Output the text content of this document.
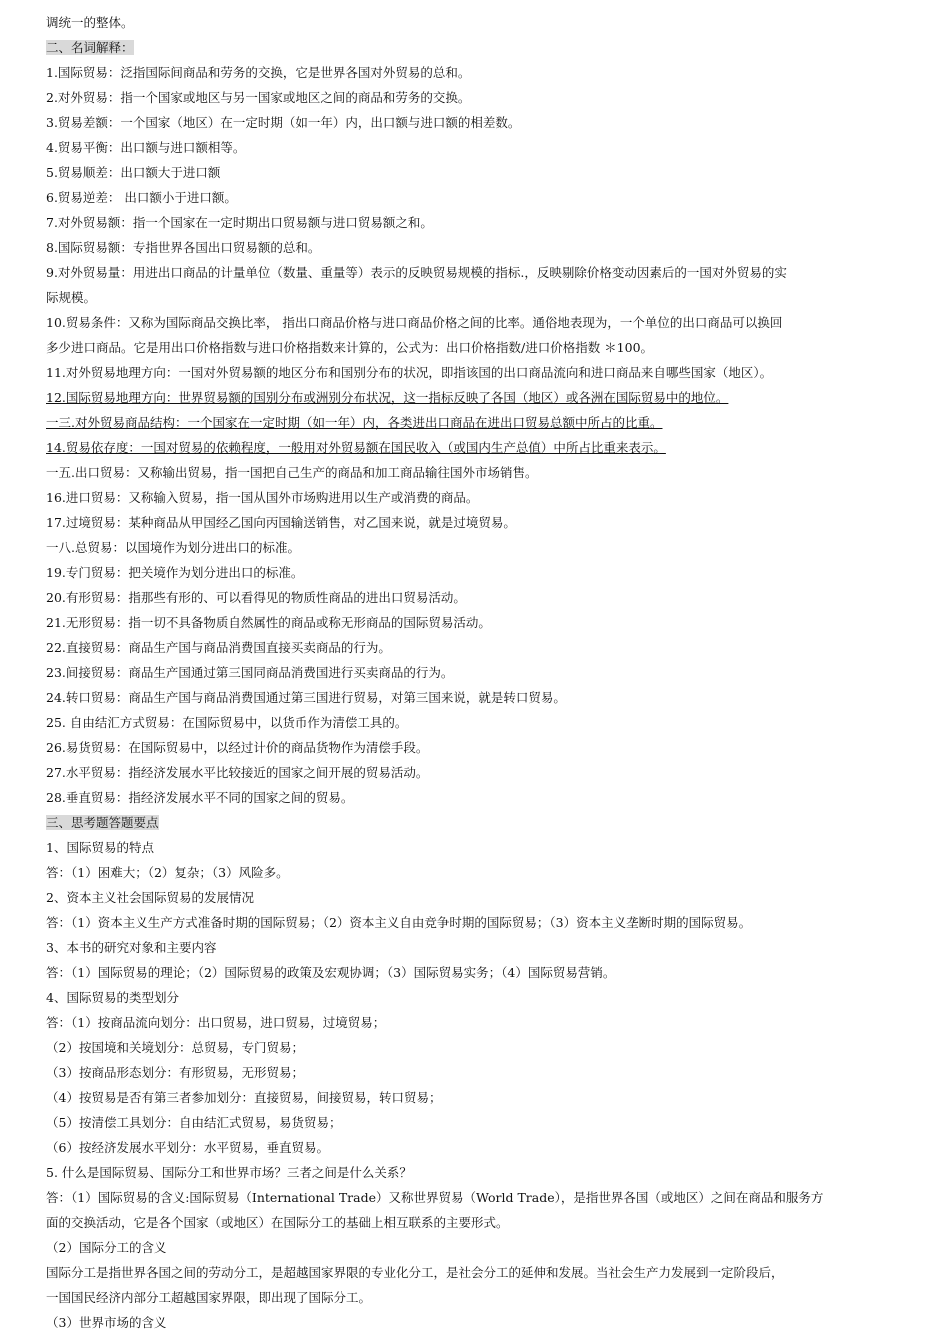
调统一的整体。

二、名词解释：

1.国际贸易：泛指国际间商品和劳务的交换，它是世界各国对外贸易的总和。

2.对外贸易：指一个国家或地区与另一国家或地区之间的商品和劳务的交换。

3.贸易差额：一个国家（地区）在一定时期（如一年）内，出口额与进口额的相差数。

4.贸易平衡：出口额与进口额相等。

5.贸易顺差：出口额大于进口额

6.贸易逆差： 出口额小于进口额。

7.对外贸易额：指一个国家在一定时期出口贸易额与进口贸易额之和。

8.国际贸易额：专指世界各国出口贸易额的总和。

9.对外贸易量：用进出口商品的计量单位（数量、重量等）表示的反映贸易规模的指标.，反映剔除价格变动因素后的一国对外贸易的实

际规模。

10.贸易条件：又称为国际商品交换比率， 指出口商品价格与进口商品价格之间的比率。通俗地表现为，一个单位的出口商品可以换回

多少进口商品。它是用出口价格指数与进口价格指数来计算的，公式为：出口价格指数/进口价格指数 ＊100。

11.对外贸易地理方向：一国对外贸易额的地区分布和国别分布的状况，即指该国的出口商品流向和进口商品来自哪些国家（地区）。

12.国际贸易地理方向：世界贸易额的国别分布或洲别分布状况，这一指标反映了各国（地区）或各洲在国际贸易中的地位。

一三.对外贸易商品结构：一个国家在一定时期（如一年）内，各类进出口商品在进出口贸易总额中所占的比重。

14.贸易依存度：一国对贸易的依赖程度，一般用对外贸易额在国民收入（或国内生产总值）中所占比重来表示。

一五.出口贸易：又称输出贸易，指一国把自己生产的商品和加工商品输往国外市场销售。

16.进口贸易：又称输入贸易，指一国从国外市场购进用以生产或消费的商品。

17.过境贸易：某种商品从甲国经乙国向丙国输送销售，对乙国来说，就是过境贸易。

一八.总贸易：以国境作为划分进出口的标准。

19.专门贸易：把关境作为划分进出口的标准。

20.有形贸易：指那些有形的、可以看得见的物质性商品的进出口贸易活动。

21.无形贸易：指一切不具备物质自然属性的商品或称无形商品的国际贸易活动。

22.直接贸易：商品生产国与商品消费国直接买卖商品的行为。

23.间接贸易：商品生产国通过第三国同商品消费国进行买卖商品的行为。

24.转口贸易：商品生产国与商品消费国通过第三国进行贸易，对第三国来说，就是转口贸易。

25. 自由结汇方式贸易：在国际贸易中，以货币作为清偿工具的。

26.易货贸易：在国际贸易中，以经过计价的商品货物作为清偿手段。

27.水平贸易：指经济发展水平比较接近的国家之间开展的贸易活动。

28.垂直贸易：指经济发展水平不同的国家之间的贸易。

三、思考题答题要点

1、国际贸易的特点

答：（1）困难大；（2）复杂；（3）风险多。

2、资本主义社会国际贸易的发展情况

答：（1）资本主义生产方式准备时期的国际贸易；（2）资本主义自由竞争时期的国际贸易；（3）资本主义垄断时期的国际贸易。

3、本书的研究对象和主要内容

答：（1）国际贸易的理论；（2）国际贸易的政策及宏观协调；（3）国际贸易实务；（4）国际贸易营销。

4、国际贸易的类型划分

答：（1）按商品流向划分：出口贸易，进口贸易，过境贸易；

（2）按国境和关境划分：总贸易，专门贸易；

（3）按商品形态划分：有形贸易，无形贸易；

（4）按贸易是否有第三者参加划分：直接贸易，间接贸易，转口贸易；

（5）按清偿工具划分：自由结汇式贸易，易货贸易；

（6）按经济发展水平划分：水平贸易，垂直贸易。

5. 什么是国际贸易、国际分工和世界市场？三者之间是什么关系？

答：（1）国际贸易的含义:国际贸易（International Trade）又称世界贸易（World Trade），是指世界各国（或地区）之间在商品和服务方

面的交换活动，它是各个国家（或地区）在国际分工的基础上相互联系的主要形式。

（2）国际分工的含义

国际分工是指世界各国之间的劳动分工，是超越国家界限的专业化分工，是社会分工的延伸和发展。当社会生产力发展到一定阶段后，

一国国民经济内部分工超越国家界限，即出现了国际分工。

（3）世界市场的含义
